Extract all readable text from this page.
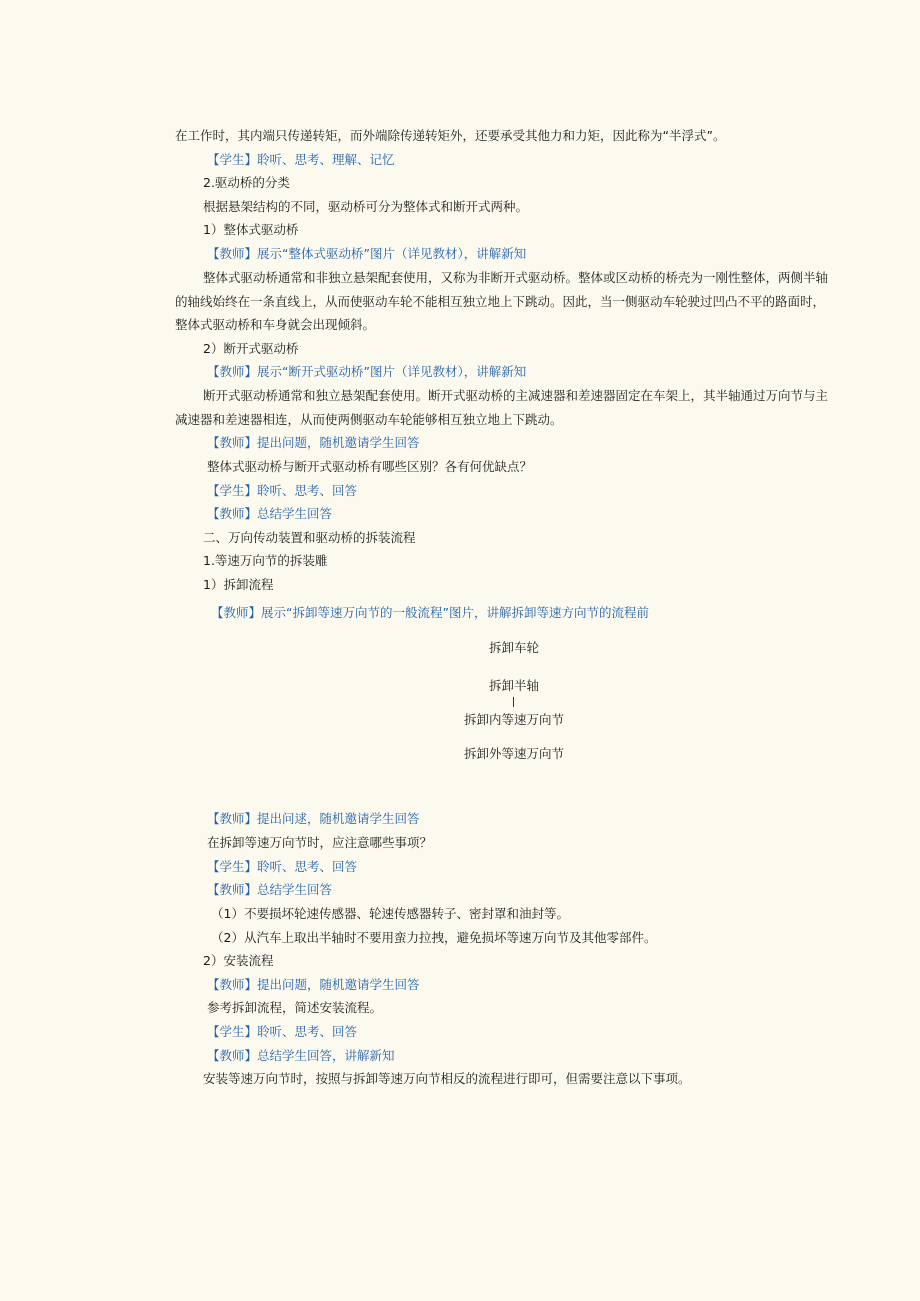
在工作时，其内端只传递转矩，而外端除传递转矩外，还要承受其他力和力矩，因此称为“半浮式”。
【学生】聆听、思考、理解、记忆
2.驱动桥的分类
根据悬架结构的不同，驱动桥可分为整体式和断开式两种。
1）整体式驱动桥
【教师】展示“整体式驱动桥”图片（详见教材），讲解新知
整体式驱动桥通常和非独立悬架配套使用，又称为非断开式驱动桥。整体或区动桥的桥壳为一刚性整体，两侧半轴
的轴线始终在一条直线上，从而使驱动车轮不能相互独立地上下跳动。因此，当一侧驱动车轮驶过凹凸不平的路面时，
整体式驱动桥和车身就会出现倾斜。
2）断开式驱动桥
【教师】展示“断开式驱动桥”图片（详见教材），讲解新知
断开式驱动桥通常和独立悬架配套使用。断开式驱动桥的主减速器和差速器固定在车架上，其半轴通过万向节与主
减速器和差速器相连，从而使两侧驱动车轮能够相互独立地上下跳动。
【教师】提出问题，随机邀请学生回答
整体式驱动桥与断开式驱动桥有哪些区别？各有何优缺点？
【学生】聆听、思考、回答
【教师】总结学生回答
二、万向传动装置和驱动桥的拆装流程
1.等速万向节的拆装雕
1）拆卸流程
【教师】展示“拆卸等速万向节的一般流程”图片，讲解拆卸等速方向节的流程前
拆卸车轮
拆卸半轴
拆卸内等速万向节
拆卸外等速万向节
【教师】提出问逑，随机邀请学生回答
在拆卸等速万向节时，应注意哪些事项？
【学生】聆听、思考、回答
【教师】总结学生回答
（1）不要损坏轮速传感器、轮速传感器转子、密封罩和油封等。
（2）从汽车上取出半轴时不要用蛮力拉拽，避免损坏等速万向节及其他零部件。
2）安装流程
【教师】提出问题，随机邀请学生回答
参考拆卸流程，简述安装流程。
【学生】聆听、思考、回答
【教师】总结学生回答，讲解新知
安装等速万向节时，按照与拆卸等速万向节相反的流程进行即可，但需要注意以下事项。
